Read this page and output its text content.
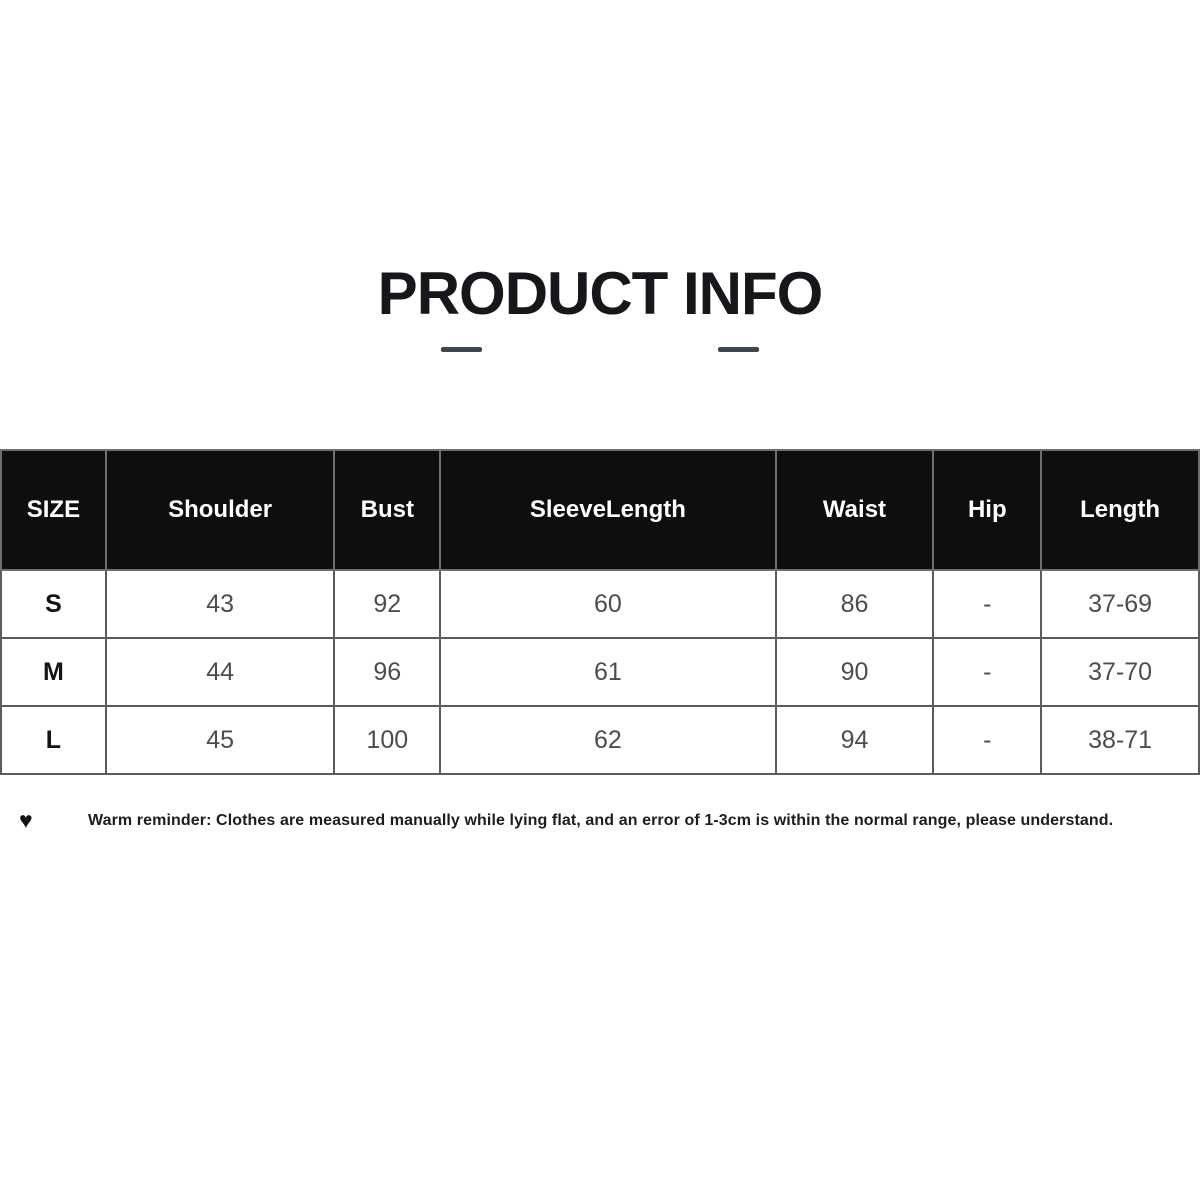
PRODUCT INFO
SIZE	Shoulder	Bust	SleeveLength	Waist	Hip	Length
S	43	92	60	86	-	37-69
M	44	96	61	90	-	37-70
L	45	100	62	94	-	38-71
♥	Warm reminder: Clothes are measured manually while lying flat, and an error of 1-3cm is within the normal range, please understand.
